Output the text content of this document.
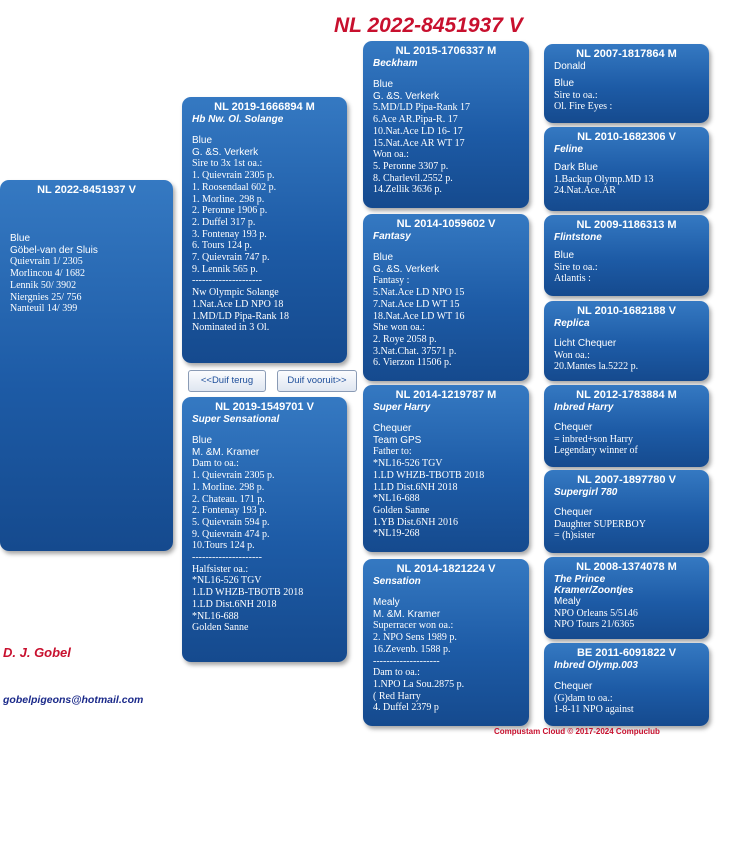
NL 2022-8451937 V
NL 2022-8451937 V
Blue
Göbel-van der Sluis
Quievrain 1/ 2305
Morlincou 4/ 1682
Lennik 50/ 3902
Niergnies 25/ 756
Nanteuil 14/ 399
NL 2019-1666894 M
Hb Nw. Ol. Solange
Blue
G. &S. Verkerk
Sire to 3x 1st oa.:
1. Quievrain 2305 p.
1. Roosendaal 602 p.
1. Morline. 298 p.
2. Peronne 1906 p.
2. Duffel 317 p.
3. Fontenay 193 p.
6. Tours 124 p.
7. Quievrain 747 p.
9. Lennik 565 p.
---------------------
Nw Olympic Solange
1.Nat.Ace LD NPO 18
1.MD/LD Pipa-Rank 18
Nominated in 3 Ol.
<<Duif terug	Duif vooruit>>
NL 2019-1549701 V
Super Sensational
Blue
M. &M. Kramer
Dam to oa.:
1. Quievrain 2305 p.
1. Morline. 298 p.
2. Chateau. 171 p.
2. Fontenay 193 p.
5. Quievrain 594 p.
9. Quievrain 474 p.
10.Tours 124 p.
---------------------
Halfsister oa.:
*NL16-526 TGV
1.LD WHZB-TBOTB 2018
1.LD Dist.6NH 2018
*NL16-688
Golden Sanne
NL 2015-1706337 M
Beckham
Blue
G. &S. Verkerk
5.MD/LD Pipa-Rank 17
6.Ace AR.Pipa-R. 17
10.Nat.Ace LD 16- 17
15.Nat.Ace AR WT 17
Won oa.:
5. Peronne 3307 p.
8. Charlevil.2552 p.
14.Zellik 3636 p.
NL 2014-1059602 V
Fantasy
Blue
G. &S. Verkerk
Fantasy :
5.Nat.Ace LD NPO 15
7.Nat.Ace LD WT 15
18.Nat.Ace LD WT 16
She won oa.:
2. Roye 2058 p.
3.Nat.Chat. 37571 p.
6. Vierzon 11506 p.
NL 2014-1219787 M
Super Harry
Chequer
Team GPS
Father to:
*NL16-526 TGV
1.LD WHZB-TBOTB 2018
1.LD Dist.6NH 2018
*NL16-688
Golden Sanne
1.YB Dist.6NH 2016
*NL19-268
NL 2014-1821224 V
Sensation
Mealy
M. &M. Kramer
Superracer won oa.:
2. NPO Sens 1989 p.
16.Zevenb. 1588 p.
--------------------
Dam to oa.:
1.NPO La Sou.2875 p.
( Red Harry
4. Duffel 2379 p
NL 2007-1817864 M
Donald
Blue
Sire to oa.:
Ol. Fire Eyes :
NL 2010-1682306 V
Feline
Dark Blue
1.Backup Olymp.MD 13
24.Nat.Ace.AR
NL 2009-1186313 M
Flintstone
Blue
Sire to oa.:
Atlantis :
NL 2010-1682188 V
Replica
Licht Chequer
Won oa.:
20.Mantes la.5222 p.
NL 2012-1783884 M
Inbred Harry
Chequer
= inbred+son Harry
Legendary winner of
NL 2007-1897780 V
Supergirl 780
Chequer
Daughter SUPERBOY
= (h)sister
NL 2008-1374078 M
The Prince
Kramer/Zoontjes
Mealy
NPO Orleans 5/5146
NPO Tours 21/6365
BE 2011-6091822 V
Inbred Olymp.003
Chequer
(G)dam to oa.:
1-8-11 NPO against
D. J. Gobel
gobelpigeons@hotmail.com
Compustam Cloud © 2017-2024 Compuclub
